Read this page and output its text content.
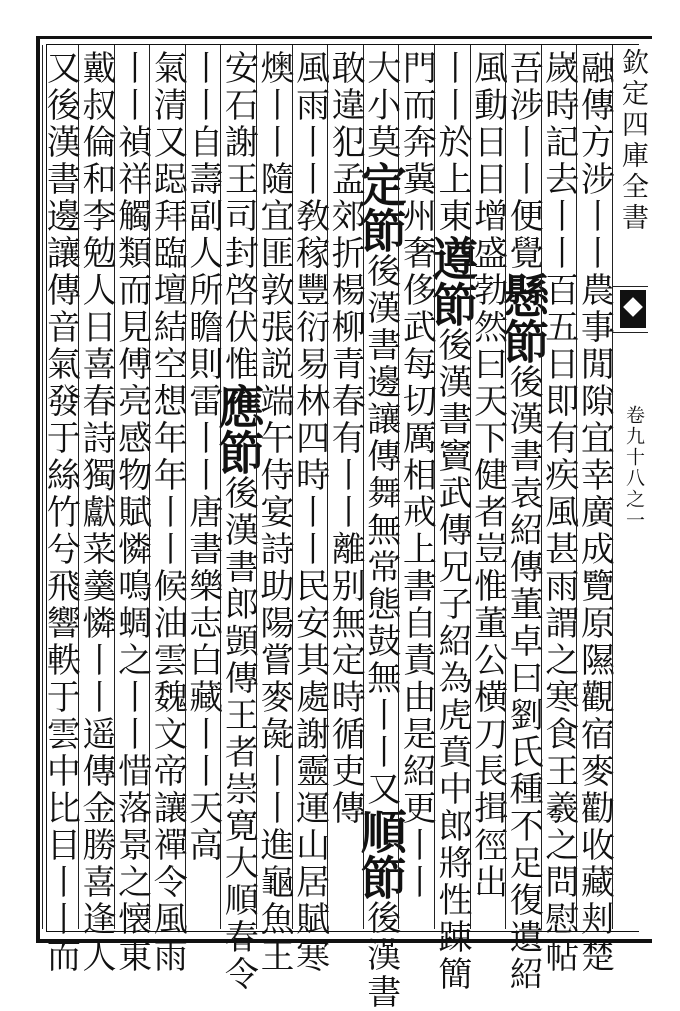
欽定四庫全書
卷九十八之一
融傳方涉丨丨農事閒隙宜幸廣成覽原隰觀宿麥勸收藏刾楚
嵗時記去丨丨百五日即有疾風甚雨謂之寒食王羲之問慰帖
吾涉丨丨便覺懸節後漢書袁紹傳董卓曰劉氏種不足復遺紹
風動日日增盛勃然曰天下健者豈惟董公横刀長揖徑出
丨丨於上東遵節後漢書竇武傳兄子紹為虎賁中郎將性踈簡
門而奔冀州奢侈武每切厲相戒上書自責由是紹更丨丨
大小莫定節後漢書邊讓傳舞無常態鼓無丨丨又順節後漢書
敢違犯孟郊折楊柳青春有丨丨離别無定時循吏傳
風雨丨丨敎稼豐衍易林四時丨丨民安其處謝靈運山居賦寒
燠丨丨隨宜匪敦張説端午侍宴詩助陽嘗麥彘丨丨進龜魚王
安石謝王司封啓伏惟應節後漢書郎顗傳王者崇寛大順春令
丨丨自壽副人所瞻則雷丨丨唐書樂志白藏丨丨天高
氣清又跽拜臨壇結空想年年丨丨候油雲魏文帝讓禪令風雨
丨丨禎祥觸類而見傅亮感物賦憐鳴蜩之丨丨惜落景之懐東
戴叔倫和李勉人日喜春詩獨獻菜羹憐丨丨遥傳金勝喜逢人
又後漢書邊讓傳音氣發于絲竹兮飛響軼于雲中比目丨丨而
